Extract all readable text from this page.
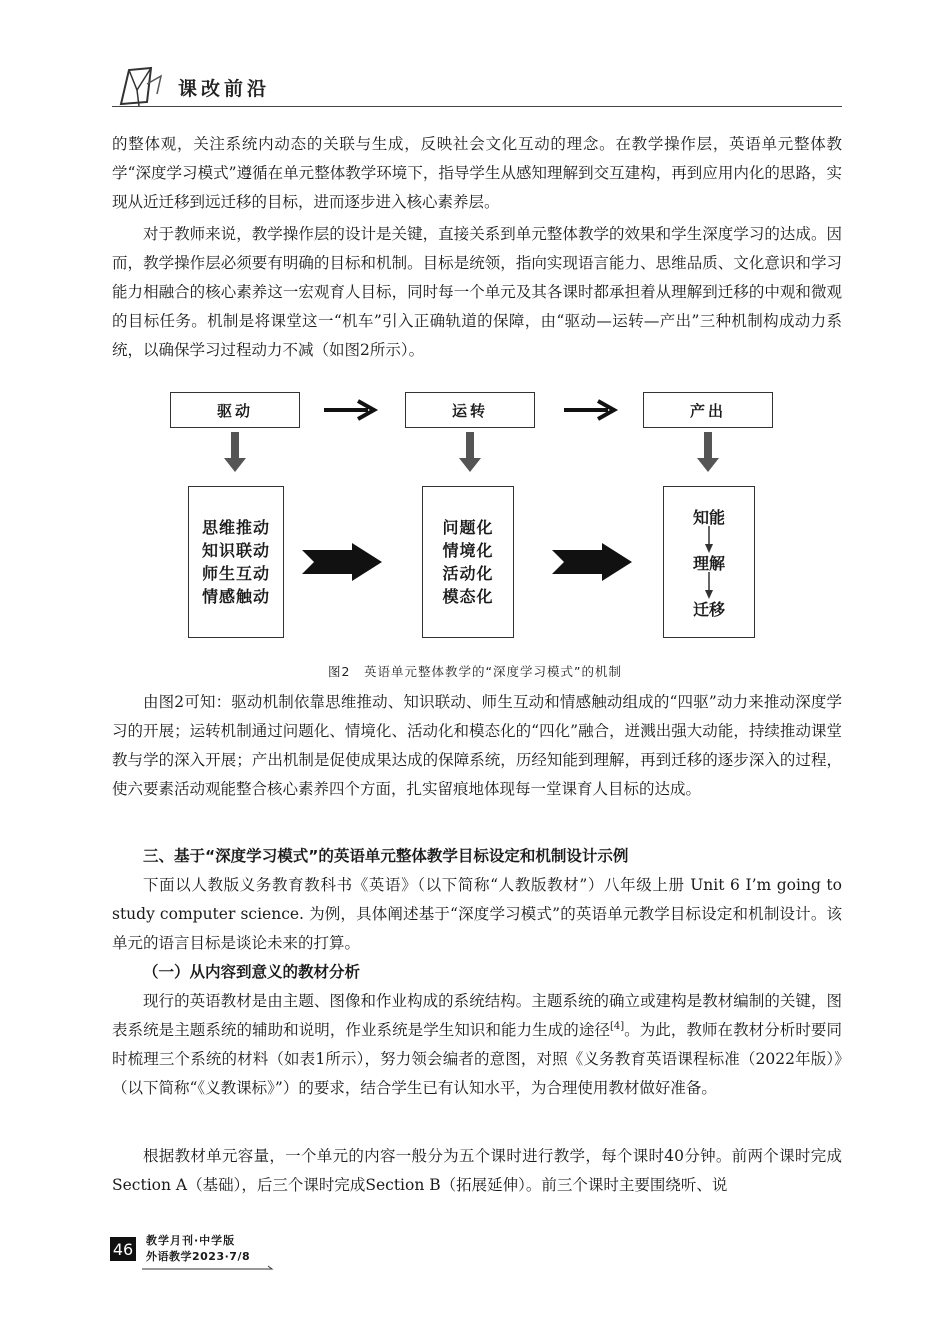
课改前沿

的整体观，关注系统内动态的关联与生成，反映社会文化互动的理念。在教学操作层，英语单元整体教学“深度学习模式”遵循在单元整体教学环境下，指导学生从感知理解到交互建构，再到应用内化的思路，实现从近迁移到远迁移的目标，进而逐步进入核心素养层。

对于教师来说，教学操作层的设计是关键，直接关系到单元整体教学的效果和学生深度学习的达成。因而，教学操作层必须要有明确的目标和机制。目标是统领，指向实现语言能力、思维品质、文化意识和学习能力相融合的核心素养这一宏观育人目标，同时每一个单元及其各课时都承担着从理解到迁移的中观和微观的目标任务。机制是将课堂这一“机车”引入正确轨道的保障，由“驱动—运转—产出”三种机制构成动力系统，以确保学习过程动力不减（如图2所示）。

驱动	运转	产出
思维推动
知识联动
师生互动
情感触动
问题化
情境化
活动化
模态化
知能
理解
迁移
图2　英语单元整体教学的“深度学习模式”的机制

由图2可知：驱动机制依靠思维推动、知识联动、师生互动和情感触动组成的“四驱”动力来推动深度学习的开展；运转机制通过问题化、情境化、活动化和模态化的“四化”融合，迸溅出强大动能，持续推动课堂教与学的深入开展；产出机制是促使成果达成的保障系统，历经知能到理解，再到迁移的逐步深入的过程，使六要素活动观能整合核心素养四个方面，扎实留痕地体现每一堂课育人目标的达成。

三、基于“深度学习模式”的英语单元整体教学目标设定和机制设计示例

下面以人教版义务教育教科书《英语》（以下简称“人教版教材”）八年级上册 Unit 6 I’m going to study computer science. 为例，具体阐述基于“深度学习模式”的英语单元教学目标设定和机制设计。该单元的语言目标是谈论未来的打算。

（一）从内容到意义的教材分析

现行的英语教材是由主题、图像和作业构成的系统结构。主题系统的确立或建构是教材编制的关键，图表系统是主题系统的辅助和说明，作业系统是学生知识和能力生成的途径[4]。为此，教师在教材分析时要同时梳理三个系统的材料（如表1所示），努力领会编者的意图，对照《义务教育英语课程标准（2022年版）》（以下简称“《义教课标》”）的要求，结合学生已有认知水平，为合理使用教材做好准备。

根据教材单元容量，一个单元的内容一般分为五个课时进行教学，每个课时40分钟。前两个课时完成Section A（基础），后三个课时完成Section B（拓展延伸）。前三个课时主要围绕听、说

46 教学月刊·中学版
外语教学2023·7/8
